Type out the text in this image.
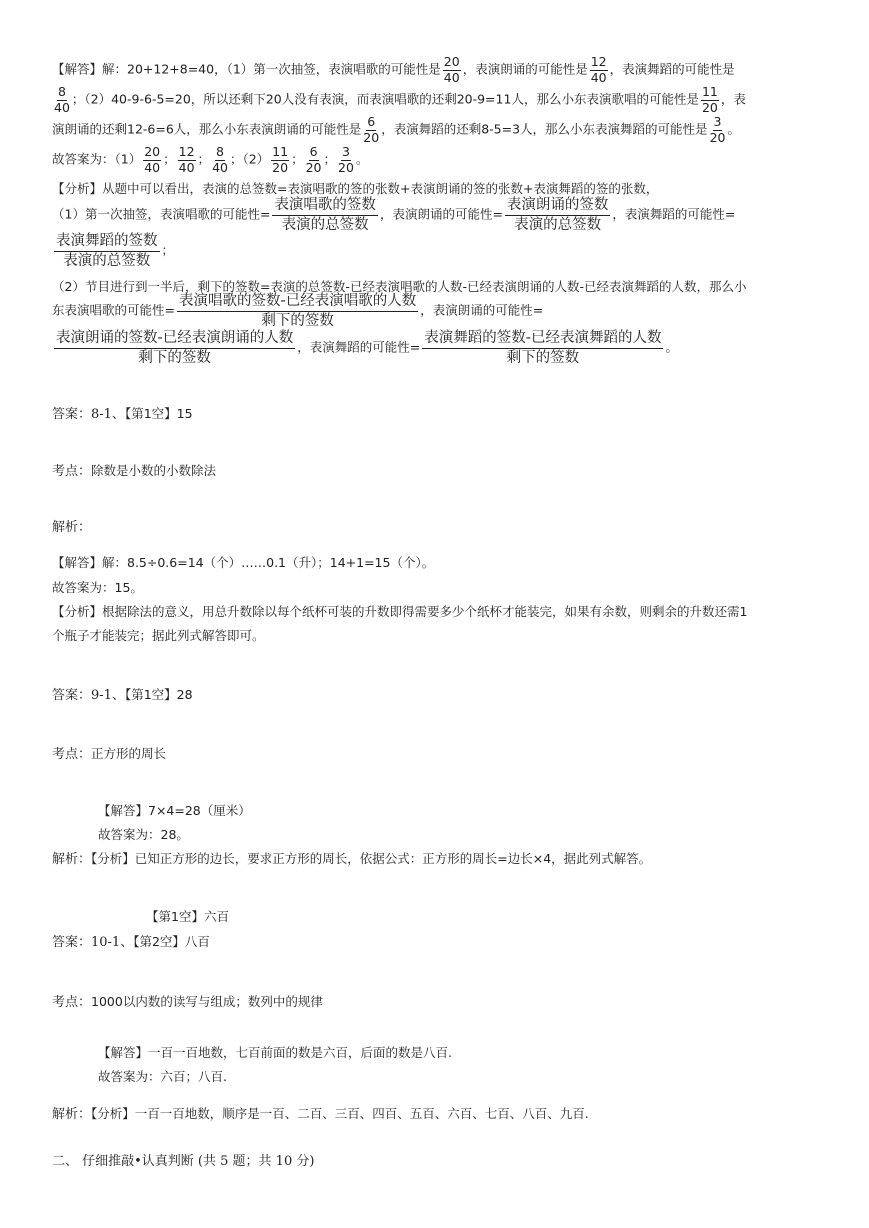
【解答】解：20+12+8=40，（1）第一次抽签，表演唱歌的可能性是 $\frac{20}{40}$ ，表演朗诵的可能性是 $\frac{12}{40}$ ，表演舞蹈的可能性是
$\frac{8}{40}$ ；（2）40-9-6-5=20，所以还剩下20人没有表演，而表演唱歌的还剩20-9=11人，那么小东表演歌唱的可能性是 $\frac{11}{20}$ ，表
演朗诵的还剩12-6=6人，那么小东表演朗诵的可能性是 $\frac{6}{20}$ ，表演舞蹈的还剩8-5=3人，那么小东表演舞蹈的可能性是 $\frac{3}{20}$ 。
故答案为：$(1) \frac{20}{40}$ ； $\frac{12}{40}$ ； $\frac{8}{40}$ ；$(2) \frac{11}{20}$ ； $\frac{6}{20}$ ； $\frac{3}{20}$ 。
【分析】从题中可以看出，表演的总签数=表演唱歌的签的张数+表演朗诵的签的张数+表演舞蹈的签的张数，
（1）第一次抽签，表演唱歌的可能性= $\frac{\text{表演唱歌的签数}}{\text{表演的总签数}}$ ，表演朗诵的可能性= $\frac{\text{表演朗诵的签数}}{\text{表演的总签数}}$ ，表演舞蹈的可能性=
$\frac{\text{表演舞蹈的签数}}{\text{表演的总签数}}$ ；
（2）节目进行到一半后，剩下的签数=表演的总签数-已经表演唱歌的人数-已经表演朗诵的人数-已经表演舞蹈的人数，那么小
东表演唱歌的可能性= $\frac{\text{表演唱歌的签数-已经表演唱歌的人数}}{\text{剩下的签数}}$ ，表演朗诵的可能性=
$\frac{\text{表演朗诵的签数-已经表演朗诵的人数}}{\text{剩下的签数}}$ ，表演舞蹈的可能性= $\frac{\text{表演舞蹈的签数-已经表演舞蹈的人数}}{\text{剩下的签数}}$ 。
答案：8-1、【第1空】15
考点：除数是小数的小数除法
解析：
【解答】解：8.5÷0.6=14（个）……0.1（升）；14+1=15（个）。
故答案为：15。
【分析】根据除法的意义，用总升数除以每个纸杯可装的升数即得需要多少个纸杯才能装完，如果有余数，则剩余的升数还需1
个瓶子才能装完；据此列式解答即可。
答案：9-1、【第1空】28
考点：正方形的周长
【解答】7×4=28（厘米）
故答案为：28。
解析：【分析】已知正方形的边长，要求正方形的周长，依据公式：正方形的周长=边长×4，据此列式解答。
【第1空】六百
答案：10-1、【第2空】八百
考点：1000以内数的读写与组成；数列中的规律
【解答】一百一百地数，七百前面的数是六百，后面的数是八百.
故答案为：六百；八百.
解析：【分析】一百一百地数，顺序是一百、二百、三百、四百、五百、六百、七百、八百、九百.
二、 仔细推敲•认真判断 (共 5 题；共 10 分)
